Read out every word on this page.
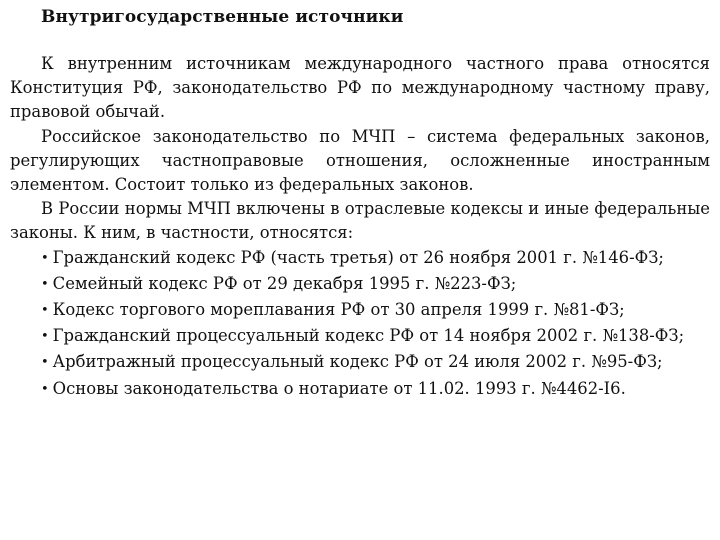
Внутригосударственные источники

К внутренним источникам международного частного права относятся Конституция РФ, законодательство РФ по международному частному праву, правовой обычай.

Российское законодательство по МЧП – система федеральных законов, регулирующих частноправовые отношения, осложненные иностранным элементом. Состоит только из федеральных законов.

В России нормы МЧП включены в отраслевые кодексы и иные федеральные законы. К ним, в частности, относятся:

• Гражданский кодекс РФ (часть третья) от 26 ноября 2001 г. №146-ФЗ;

• Семейный кодекс РФ от 29 декабря 1995 г. №223-ФЗ;

• Кодекс торгового мореплавания РФ от 30 апреля 1999 г. №81-ФЗ;

• Гражданский процессуальный кодекс РФ от 14 ноября 2002 г. №138-ФЗ;

• Арбитражный процессуальный кодекс РФ от 24 июля 2002 г. №95-ФЗ;

• Основы законодательства о нотариате от 11.02. 1993 г. №4462-I6.
